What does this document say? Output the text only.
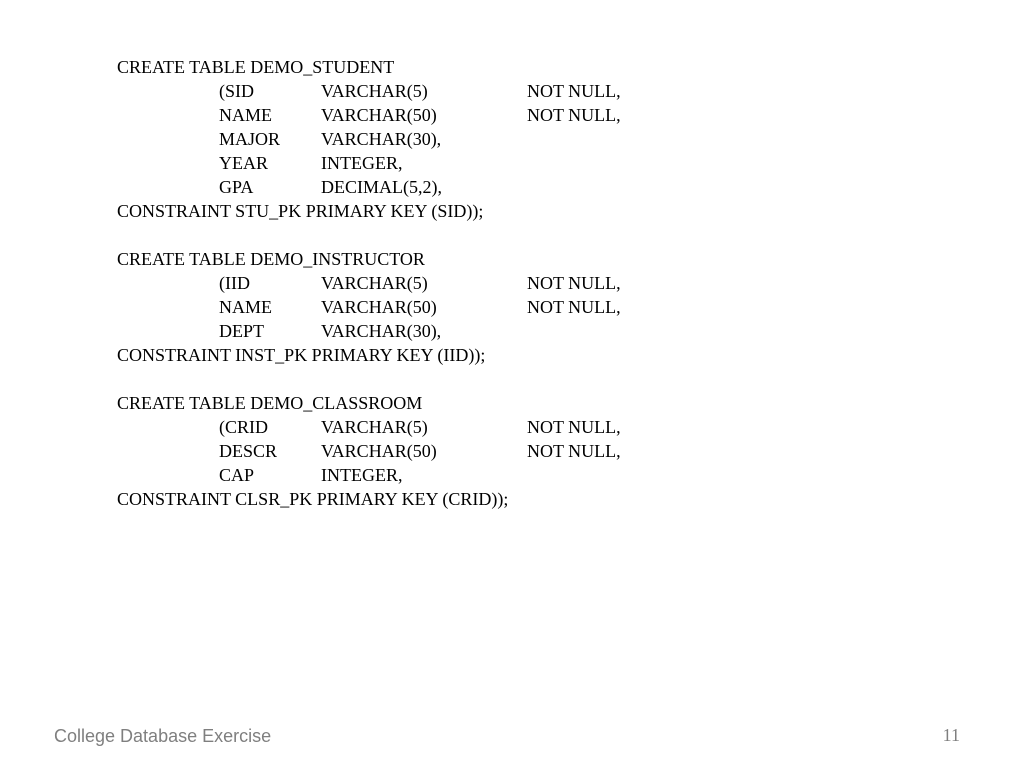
CREATE TABLE DEMO_STUDENT
(SID	VARCHAR(5)	NOT NULL,
NAME	VARCHAR(50)	NOT NULL,
MAJOR	VARCHAR(30),
YEAR	INTEGER,
GPA	DECIMAL(5,2),
CONSTRAINT STU_PK PRIMARY KEY (SID));
CREATE TABLE DEMO_INSTRUCTOR
(IID	VARCHAR(5)	NOT NULL,
NAME	VARCHAR(50)	NOT NULL,
DEPT	VARCHAR(30),
CONSTRAINT INST_PK PRIMARY KEY (IID));
CREATE TABLE DEMO_CLASSROOM
(CRID	VARCHAR(5)	NOT NULL,
DESCR	VARCHAR(50)	NOT NULL,
CAP	INTEGER,
CONSTRAINT CLSR_PK PRIMARY KEY (CRID));
College Database Exercise	11
